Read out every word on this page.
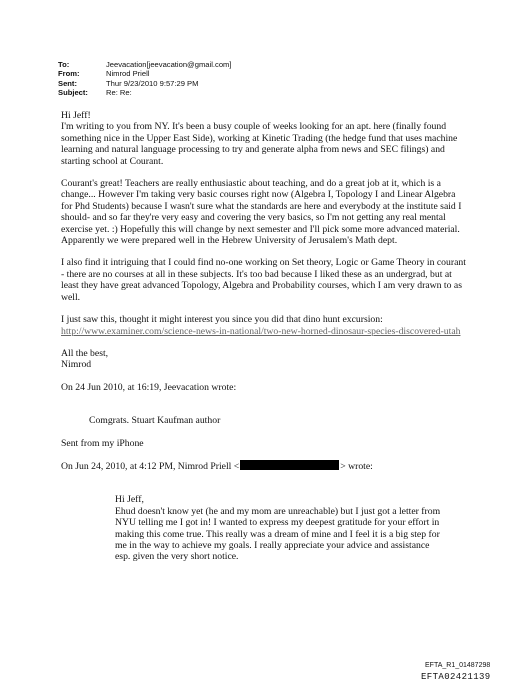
To:	Jeevacation[jeevacation@gmail.com]
From:	Nimrod Priell
Sent:	Thur 9/23/2010 9:57:29 PM
Subject:	Re: Re:

Hi Jeff!

I'm writing to you from NY. It's been a busy couple of weeks looking for an apt. here (finally found something nice in the Upper East Side), working at Kinetic Trading (the hedge fund that uses machine learning and natural language processing to try and generate alpha from news and SEC filings) and starting school at Courant.

Courant's great! Teachers are really enthusiastic about teaching, and do a great job at it, which is a change... However I'm taking very basic courses right now (Algebra I, Topology I and Linear Algebra for Phd Students) because I wasn't sure what the standards are here and everybody at the institute said I should- and so far they're very easy and covering the very basics, so I'm not getting any real mental exercise yet. :) Hopefully this will change by next semester and I'll pick some more advanced material. Apparently we were prepared well in the Hebrew University of Jerusalem's Math dept.

I also find it intriguing that I could find no-one working on Set theory, Logic or Game Theory in courant - there are no courses at all in these subjects. It's too bad because I liked these as an undergrad, but at least they have great advanced Topology, Algebra and Probability courses, which I am very drawn to as well.

I just saw this, thought it might interest you since you did that dino hunt excursion:

http://www.examiner.com/science-news-in-national/two-new-horned-dinosaur-species-discovered-utah

All the best,

Nimrod

On 24 Jun 2010, at 16:19, Jeevacation wrote:

Comgrats. Stuart Kaufman author

Sent from my iPhone

On Jun 24, 2010, at 4:12 PM, Nimrod Priell <	> wrote:

Hi Jeff,

Ehud doesn't know yet (he and my mom are unreachable) but I just got a letter from NYU telling me I got in! I wanted to express my deepest gratitude for your effort in making this come true. This really was a dream of mine and I feel it is a big step for me in the way to achieve my goals. I really appreciate your advice and assistance esp. given the very short notice.

EFTA_R1_01487298
EFTA02421139
